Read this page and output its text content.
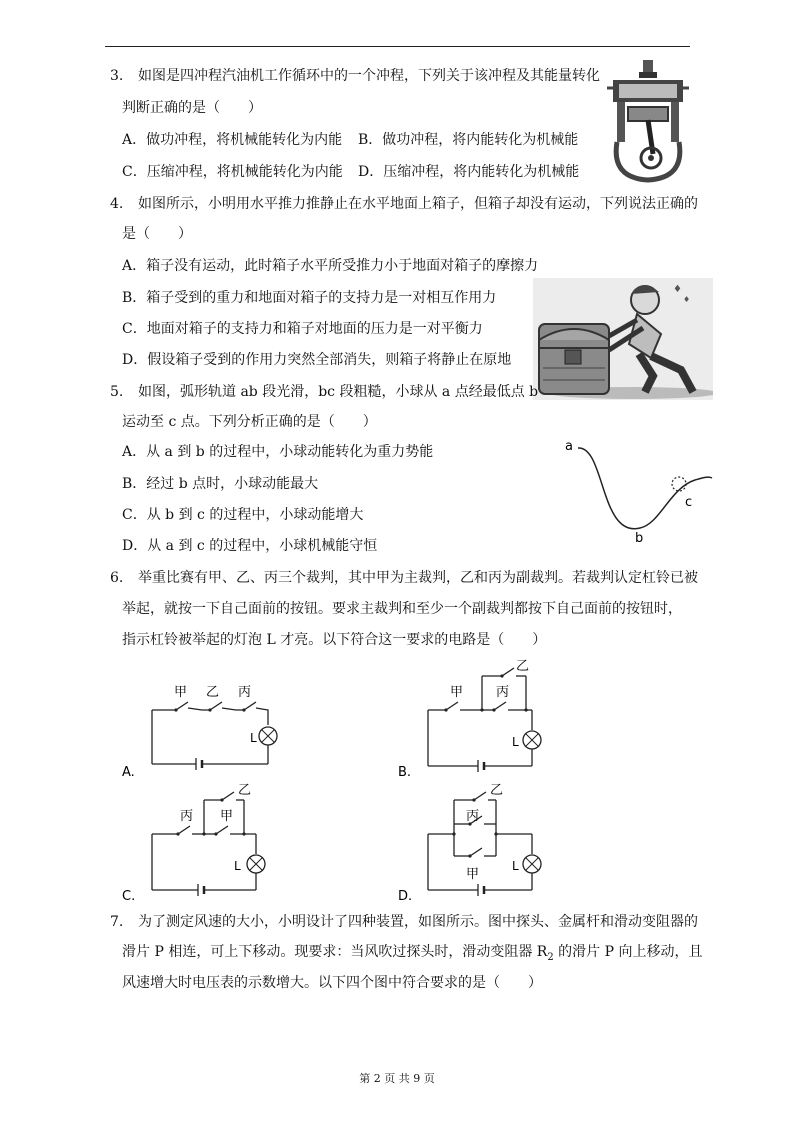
3. 如图是四冲程汽油机工作循环中的一个冲程，下列关于该冲程及其能量转化
判断正确的是（　　）
A．做功冲程，将机械能转化为内能 B．做功冲程，将内能转化为机械能
C．压缩冲程，将机械能转化为内能 D．压缩冲程，将内能转化为机械能
4. 如图所示，小明用水平推力推静止在水平地面上箱子，但箱子却没有运动，下列说法正确的
是（　　）
A．箱子没有运动，此时箱子水平所受推力小于地面对箱子的摩擦力
B．箱子受到的重力和地面对箱子的支持力是一对相互作用力
C．地面对箱子的支持力和箱子对地面的压力是一对平衡力
D．假设箱子受到的作用力突然全部消失，则箱子将静止在原地
♦
♦
5. 如图，弧形轨道 ab 段光滑，bc 段粗糙，小球从 a 点经最低点 b
运动至 c 点。下列分析正确的是（　　）
A．从 a 到 b 的过程中，小球动能转化为重力势能
B．经过 b 点时，小球动能最大
C．从 b 到 c 的过程中，小球动能增大
D．从 a 到 c 的过程中，小球机械能守恒
a
b
c
6. 举重比赛有甲、乙、丙三个裁判，其中甲为主裁判，乙和丙为副裁判。若裁判认定杠铃已被
举起，就按一下自己面前的按钮。要求主裁判和至少一个副裁判都按下自己面前的按钮时，
指示杠铃被举起的灯泡 L 才亮。以下符合这一要求的电路是（　　）
A.
L
甲 乙 丙
B.
L
甲
乙
丙
C.
L
丙
乙
甲
D.
L
乙
丙
甲
7. 为了测定风速的大小，小明设计了四种装置，如图所示。图中探头、金属杆和滑动变阻器的
滑片 P 相连，可上下移动。现要求：当风吹过探头时，滑动变阻器 $R_2$ 的滑片 P 向上移动，且
风速增大时电压表的示数增大。以下四个图中符合要求的是（　　）
第 2 页 共 9 页
